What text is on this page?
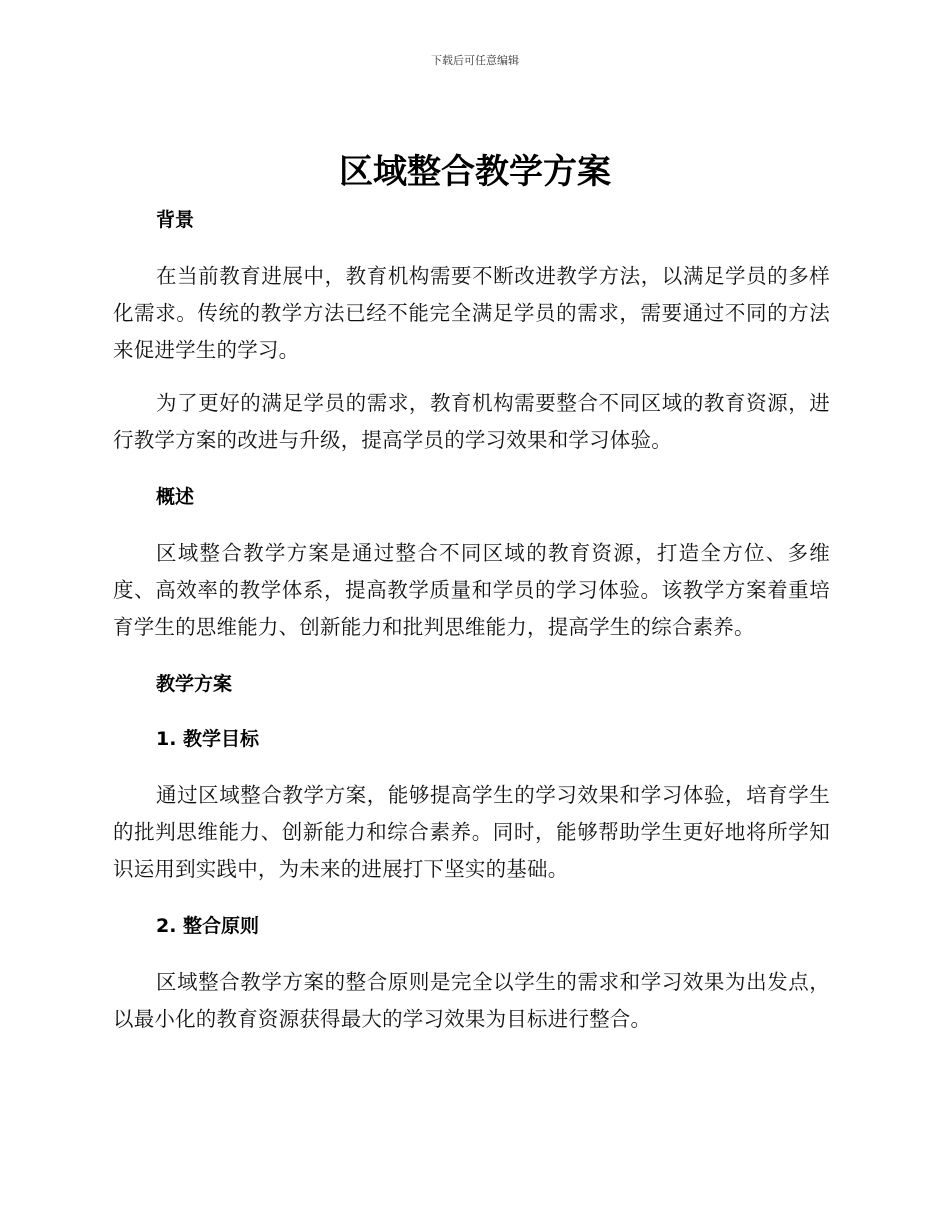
下载后可任意编辑
区域整合教学方案
背景

在当前教育进展中，教育机构需要不断改进教学方法，以满足学员的多样化需求。传统的教学方法已经不能完全满足学员的需求，需要通过不同的方法来促进学生的学习。

为了更好的满足学员的需求，教育机构需要整合不同区域的教育资源，进行教学方案的改进与升级，提高学员的学习效果和学习体验。

概述

区域整合教学方案是通过整合不同区域的教育资源，打造全方位、多维度、高效率的教学体系，提高教学质量和学员的学习体验。该教学方案着重培育学生的思维能力、创新能力和批判思维能力，提高学生的综合素养。

教学方案
1. 教学目标

通过区域整合教学方案，能够提高学生的学习效果和学习体验，培育学生的批判思维能力、创新能力和综合素养。同时，能够帮助学生更好地将所学知识运用到实践中，为未来的进展打下坚实的基础。

2. 整合原则

区域整合教学方案的整合原则是完全以学生的需求和学习效果为出发点，以最小化的教育资源获得最大的学习效果为目标进行整合。
